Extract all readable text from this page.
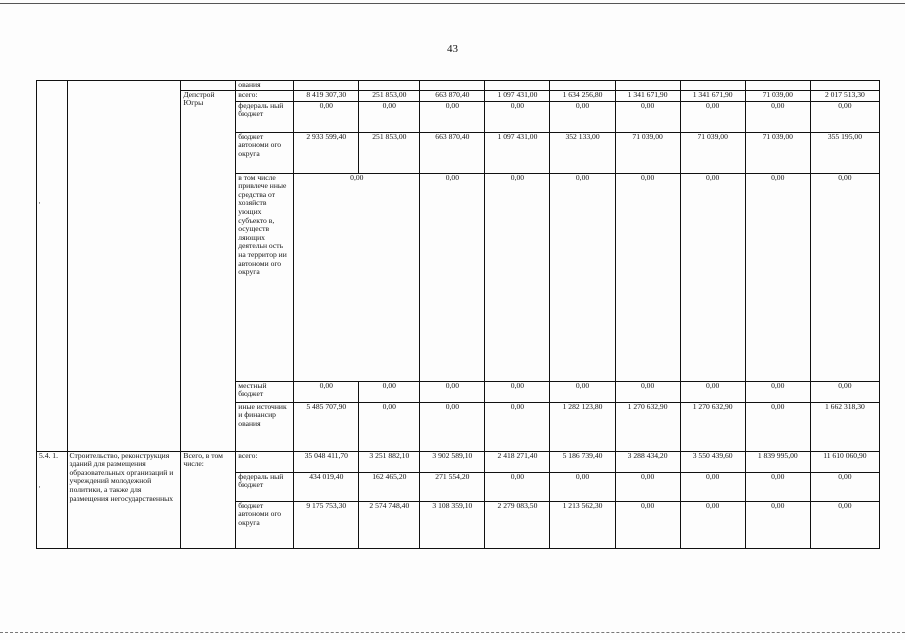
43
			ования									
		Депстрой Югры	всего:	8 419 307,30	251 853,00	663 870,40	1 097 431,00	1 634 256,80	1 341 671,90	1 341 671,90	71 039,00	2 017 513,30
			федераль ный бюджет	0,00	0,00	0,00	0,00	0,00	0,00	0,00	0,00	0,00
			бюджет автономи ого округа	2 933 599,40	251 853,00	663 870,40	1 097 431,00	352 133,00	71 039,00	71 039,00	71 039,00	355 195,00
			в том числе привлече нные средства от хозяйств ующих субъекто в, осуществ ляющих деятельн ость на территор ии автономи ого округа	0,00		0,00	0,00	0,00	0,00	0,00	0,00	0,00
			местный бюджет	0,00	0,00	0,00	0,00	0,00	0,00	0,00	0,00	0,00
			иные источник и финансир ования	5 485 707,90	0,00	0,00	0,00	1 282 123,80	1 270 632,90	1 270 632,90	0,00	1 662 318,30
5.4. 1.	Строительство, реконструкция зданий для размещения образовательных организаций и учреждений молодежной политики, а также для размещения негосударственных	Всего, в том числе:	всего:	35 048 411,70	3 251 882,10	3 902 589,10	2 418 271,40	5 186 739,40	3 288 434,20	3 550 439,60	1 839 995,00	11 610 060,90
			федераль ный бюджет	434 019,40	162 465,20	271 554,20	0,00	0,00	0,00	0,00	0,00	0,00
			бюджет автономи ого округа	9 175 753,30	2 574 748,40	3 108 359,10	2 279 083,50	1 213 562,30	0,00	0,00	0,00	0,00
·
·
